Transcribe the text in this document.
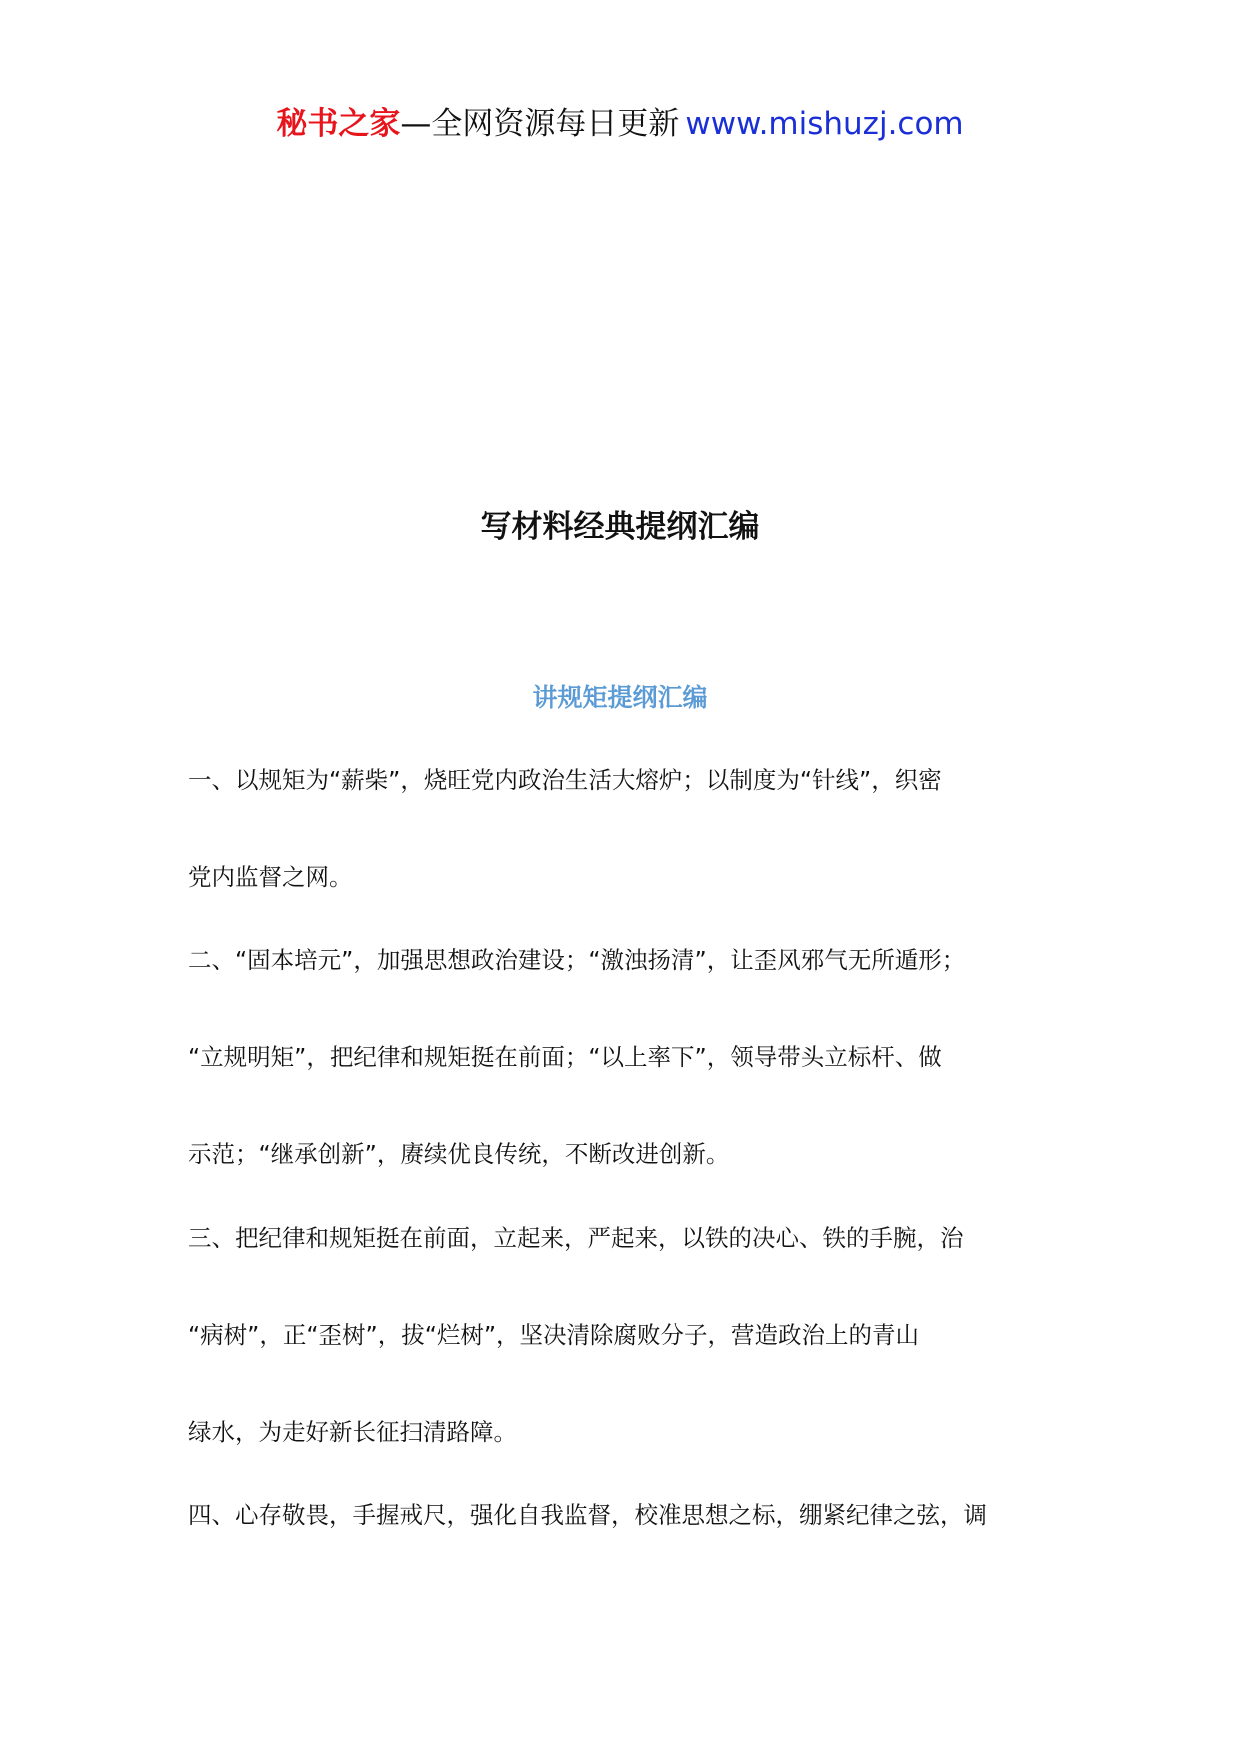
秘书之家—全网资源每日更新 www.mishuzj.com
写材料经典提纲汇编
讲规矩提纲汇编
一、以规矩为“薪柴”，烧旺党内政治生活大熔炉；以制度为“针线”，织密
党内监督之网。
二、“固本培元”，加强思想政治建设；“激浊扬清”，让歪风邪气无所遁形；
“立规明矩”，把纪律和规矩挺在前面；“以上率下”，领导带头立标杆、做
示范；“继承创新”，赓续优良传统，不断改进创新。
三、把纪律和规矩挺在前面，立起来，严起来，以铁的决心、铁的手腕，治
“病树”，正“歪树”，拔“烂树”，坚决清除腐败分子，营造政治上的青山
绿水，为走好新长征扫清路障。
四、心存敬畏，手握戒尺，强化自我监督，校准思想之标，绷紧纪律之弦，调
